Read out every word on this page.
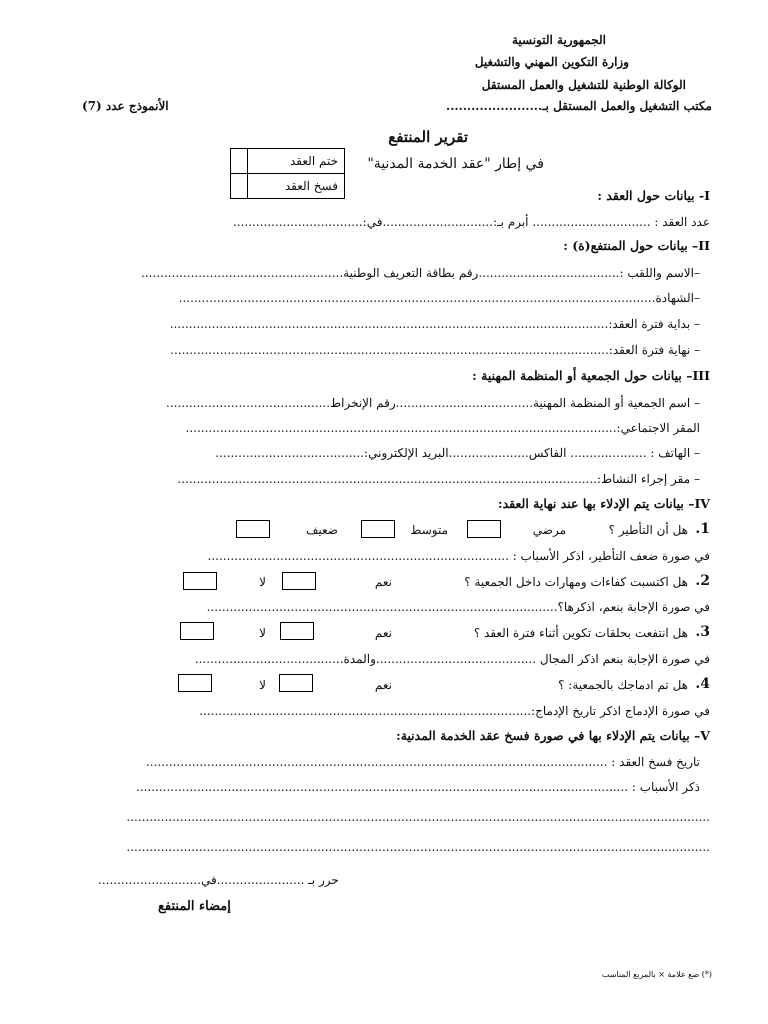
الجمهورية التونسية
وزارة التكوين المهني والتشغيل
الوكالة الوطنية للتشغيل والعمل المستقل
مكتب التشغيل والعمل المستقل بـ.......................
الأنموذج عدد (7)
تقرير المنتفع
في إطار "عقد الخدمة المدنية"
ختم العقد	
فسخ العقد	
I- بيانات حول العقد :
عدد العقد : ............................... أبرم بـ:.............................في:..................................
II– بيانات حول المنتفع(ة) :
–الاسم واللقب :.....................................رقم بطاقة التعريف الوطنية.....................................................
–الشهادة.............................................................................................................................
– بداية فترة العقد:...................................................................................................................
– نهاية فترة العقد:...................................................................................................................
III– بيانات حول الجمعية أو المنظمة المهنية :
– اسم الجمعية أو المنظمة المهنية....................................رقم الإنخراط...........................................
المقر الاجتماعي:.................................................................................................................
– الهاتف : .................... الفاكس.....................البريد الإلكتروني:.......................................
– مقر إجراء النشاط:..............................................................................................................
IV– بيانات يتم الإدلاء بها عند نهاية العقد:
1.
هل أن التأطير ؟
مرضي
متوسط
ضعيف
في صورة ضعف التأطير، اذكر الأسباب : ...............................................................................
2.
هل اكتسبت كفاءات ومهارات داخل الجمعية ؟
نعم
لا
في صورة الإجابة بنعم، اذكرها؟............................................................................................
3.
هل انتفعت بحلقات تكوين أثناء فترة العقد ؟
نعم
لا
في صورة الإجابة بنعم اذكر المجال ..........................................والمدة.......................................
4.
هل تم ادماجك بالجمعية: ؟
نعم
لا
في صورة الإدماج اذكر تاريخ الإدماج:.......................................................................................
V– بيانات يتم الإدلاء بها في صورة فسخ عقد الخدمة المدنية:
تاريخ فسخ العقد : .........................................................................................................................
ذكر الأسباب : .................................................................................................................................
.........................................................................................................................................................
.........................................................................................................................................................
حرر بـ .......................في...........................
إمضاء المنتفع
(*) ضع علامة × بالمربع المناسب
